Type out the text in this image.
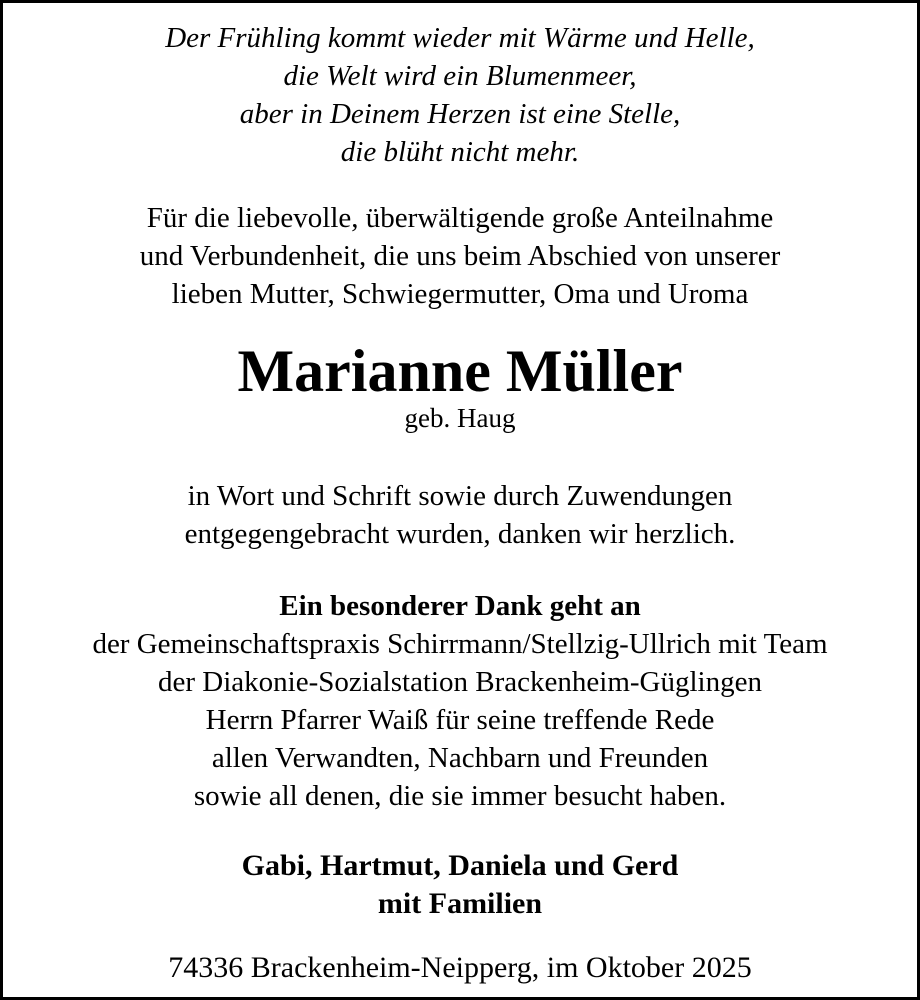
Der Frühling kommt wieder mit Wärme und Helle,
die Welt wird ein Blumenmeer,
aber in Deinem Herzen ist eine Stelle,
die blüht nicht mehr.
Für die liebevolle, überwältigende große Anteilnahme
und Verbundenheit, die uns beim Abschied von unserer
lieben Mutter, Schwiegermutter, Oma und Uroma
Marianne Müller
geb. Haug
in Wort und Schrift sowie durch Zuwendungen
entgegengebracht wurden, danken wir herzlich.
Ein besonderer Dank geht an
der Gemeinschaftspraxis Schirrmann/Stellzig-Ullrich mit Team
der Diakonie-Sozialstation Brackenheim-Güglingen
Herrn Pfarrer Waiß für seine treffende Rede
allen Verwandten, Nachbarn und Freunden
sowie all denen, die sie immer besucht haben.
Gabi, Hartmut, Daniela und Gerd
mit Familien
74336 Brackenheim-Neipperg, im Oktober 2025
